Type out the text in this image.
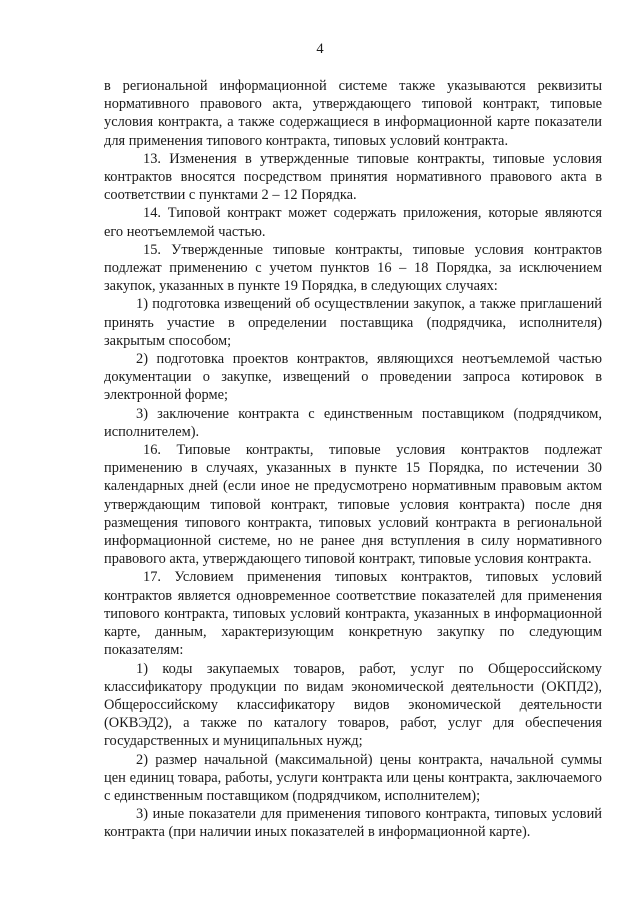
4

в региональной информационной системе также указываются реквизиты нормативного правового акта, утверждающего типовой контракт, типовые условия контракта, а также содержащиеся в информационной карте показатели для применения типового контракта, типовых условий контракта.

13. Изменения в утвержденные типовые контракты, типовые условия контрактов вносятся посредством принятия нормативного правового акта в соответствии с пунктами 2 – 12 Порядка.

14. Типовой контракт может содержать приложения, которые являются его неотъемлемой частью.

15. Утвержденные типовые контракты, типовые условия контрактов подлежат применению с учетом пунктов 16 – 18 Порядка, за исключением закупок, указанных в пункте 19 Порядка, в следующих случаях:

1) подготовка извещений об осуществлении закупок, а также приглашений принять участие в определении поставщика (подрядчика, исполнителя) закрытым способом;

2) подготовка проектов контрактов, являющихся неотъемлемой частью документации о закупке, извещений о проведении запроса котировок в электронной форме;

3) заключение контракта с единственным поставщиком (подрядчиком, исполнителем).

16. Типовые контракты, типовые условия контрактов подлежат применению в случаях, указанных в пункте 15 Порядка, по истечении 30 календарных дней (если иное не предусмотрено нормативным правовым актом утверждающим типовой контракт, типовые условия контракта) после дня размещения типового контракта, типовых условий контракта в региональной информационной системе, но не ранее дня вступления в силу нормативного правового акта, утверждающего типовой контракт, типовые условия контракта.

17. Условием применения типовых контрактов, типовых условий контрактов является одновременное соответствие показателей для применения типового контракта, типовых условий контракта, указанных в информационной карте, данным, характеризующим конкретную закупку по следующим показателям:

1) коды закупаемых товаров, работ, услуг по Общероссийскому классификатору продукции по видам экономической деятельности (ОКПД2), Общероссийскому классификатору видов экономической деятельности (ОКВЭД2), а также по каталогу товаров, работ, услуг для обеспечения государственных и муниципальных нужд;

2) размер начальной (максимальной) цены контракта, начальной суммы цен единиц товара, работы, услуги контракта или цены контракта, заключаемого с единственным поставщиком (подрядчиком, исполнителем);

3) иные показатели для применения типового контракта, типовых условий контракта (при наличии иных показателей в информационной карте).
